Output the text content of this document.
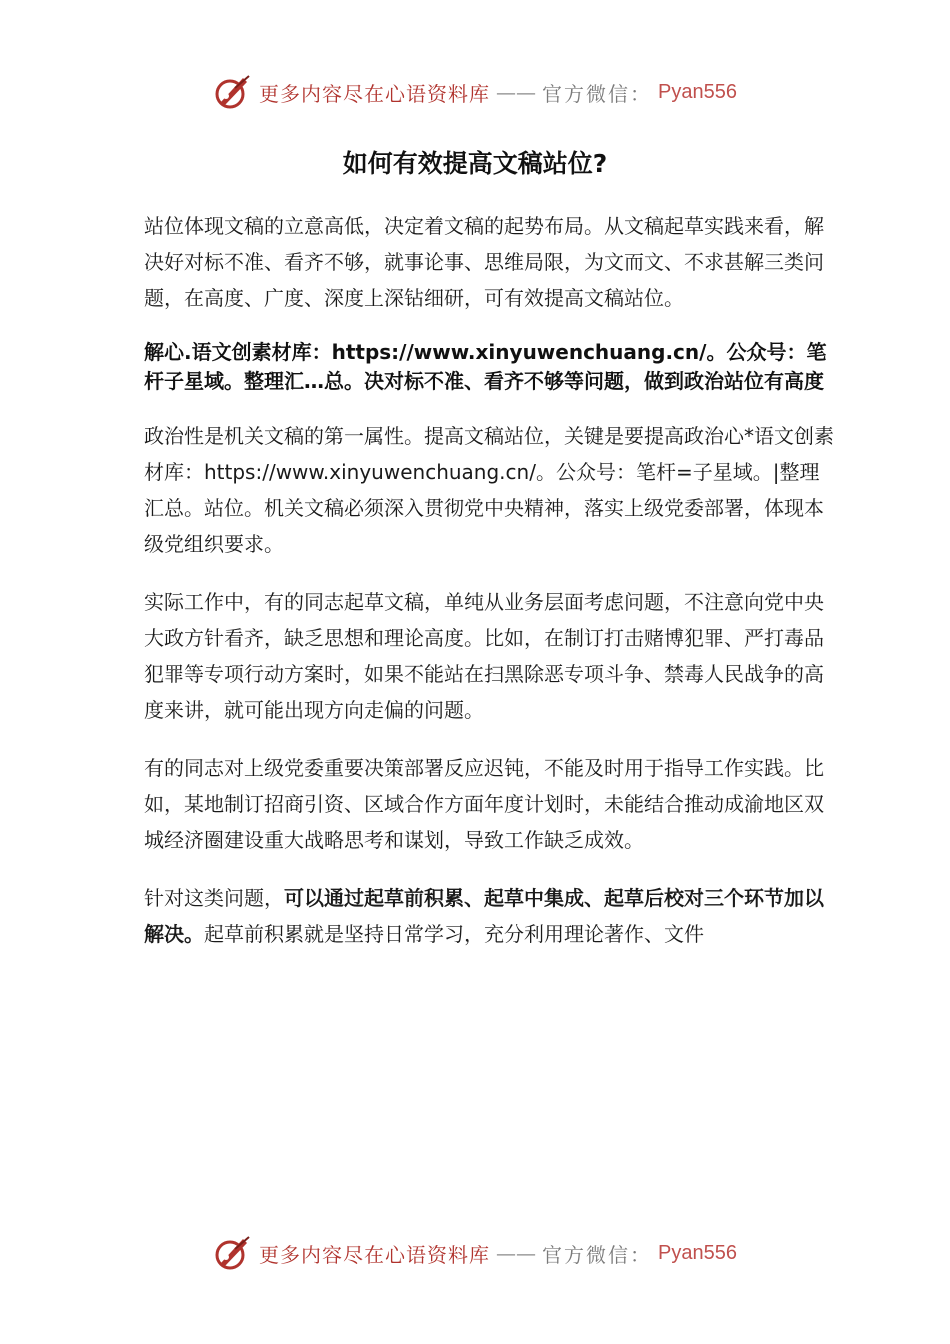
更多内容尽在心语资料库 —— 官方微信： Pyan556
如何有效提高文稿站位?

站位体现文稿的立意高低，决定着文稿的起势布局。从文稿起草实践来看，解决好对标不准、看齐不够，就事论事、思维局限，为文而文、不求甚解三类问题，在高度、广度、深度上深钻细研，可有效提高文稿站位。

解心.语文创素材库：https://www.xinyuwenchuang.cn/。公众号：笔杆子星域。整理汇…总。决对标不准、看齐不够等问题，做到政治站位有高度

政治性是机关文稿的第一属性。提高文稿站位，关键是要提高政治心*语文创素材库：https://www.xinyuwenchuang.cn/。公众号：笔杆=子星域。|整理汇总。站位。机关文稿必须深入贯彻党中央精神，落实上级党委部署，体现本级党组织要求。

实际工作中，有的同志起草文稿，单纯从业务层面考虑问题，不注意向党中央大政方针看齐，缺乏思想和理论高度。比如，在制订打击赌博犯罪、严打毒品犯罪等专项行动方案时，如果不能站在扫黑除恶专项斗争、禁毒人民战争的高度来讲，就可能出现方向走偏的问题。

有的同志对上级党委重要决策部署反应迟钝，不能及时用于指导工作实践。比如，某地制订招商引资、区域合作方面年度计划时，未能结合推动成渝地区双城经济圈建设重大战略思考和谋划，导致工作缺乏成效。

针对这类问题，可以通过起草前积累、起草中集成、起草后校对三个环节加以解决。起草前积累就是坚持日常学习，充分利用理论著作、文件

更多内容尽在心语资料库 —— 官方微信： Pyan556
